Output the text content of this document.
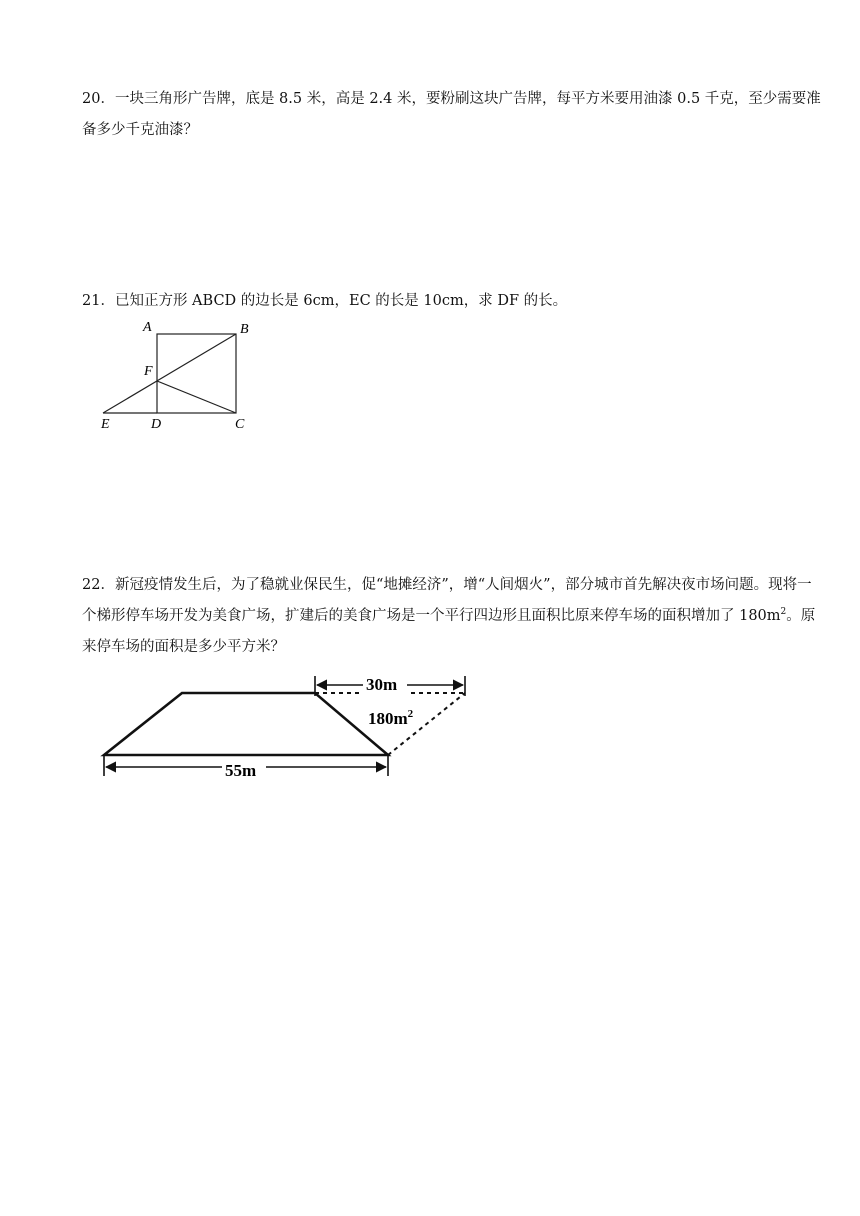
20．一块三角形广告牌，底是 8.5 米，高是 2.4 米，要粉刷这块广告牌，每平方米要用油漆 0.5 千克，至少需要准备多少千克油漆？

21．已知正方形 ABCD 的边长是 6cm，EC 的长是 10cm，求 DF 的长。

A	B
F
E	D	C

22．新冠疫情发生后，为了稳就业保民生，促“地摊经济”，增“人间烟火”，部分城市首先解决夜市场问题。现将一个梯形停车场开发为美食广场，扩建后的美食广场是一个平行四边形且面积比原来停车场的面积增加了 $180m^2$。原来停车场的面积是多少平方米？

30m
$180m^2$
55m
